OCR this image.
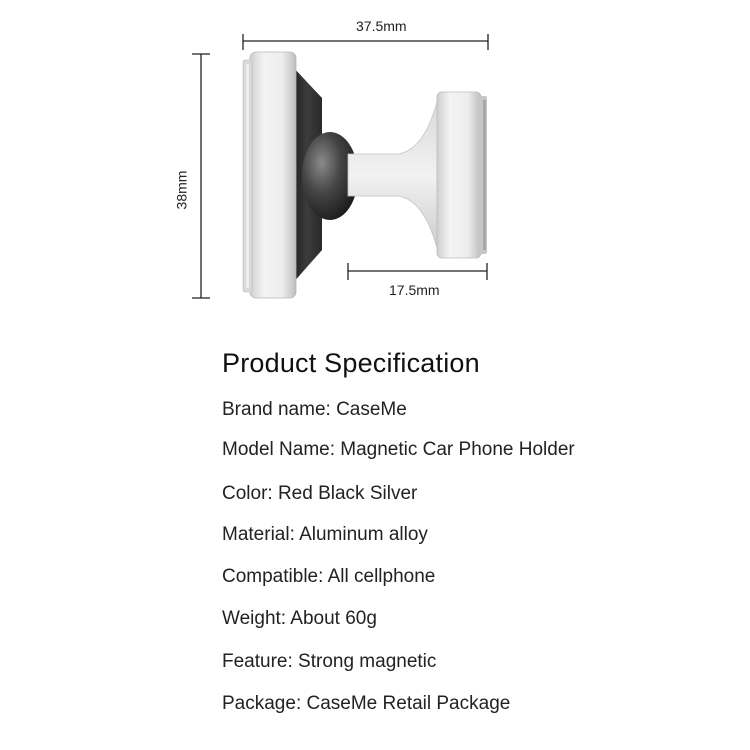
37.5mm
38mm
17.5mm
Product Specification
Brand name: CaseMe
Model Name: Magnetic Car Phone Holder
Color: Red Black Silver
Material: Aluminum alloy
Compatible: All cellphone
Weight: About 60g
Feature: Strong magnetic
Package: CaseMe Retail Package
